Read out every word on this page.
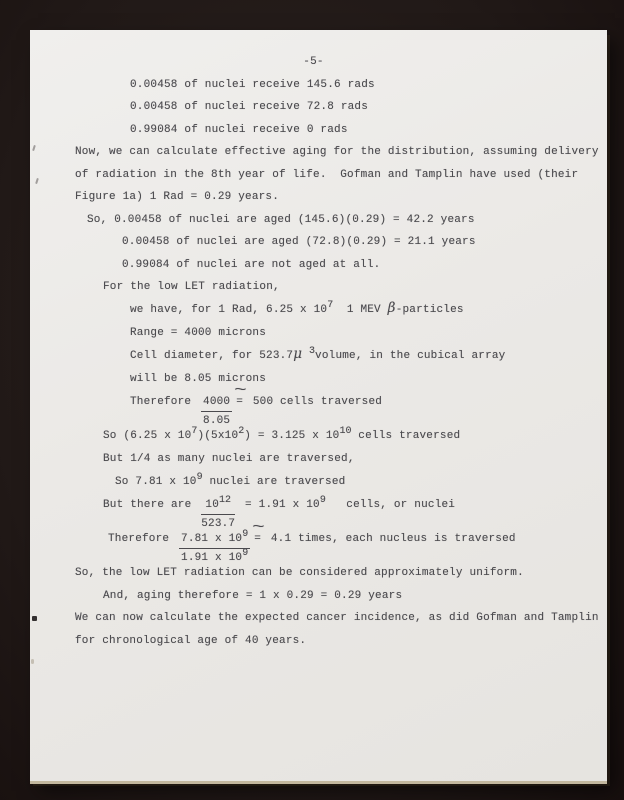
-5-
0.00458 of nuclei receive 145.6 rads
0.00458 of nuclei receive 72.8 rads
0.99084 of nuclei receive 0 rads
Now, we can calculate effective aging for the distribution, assuming delivery
of radiation in the 8th year of life.  Gofman and Tamplin have used (their
Figure 1a) 1 Rad = 0.29 years.
So, 0.00458 of nuclei are aged (145.6)(0.29) = 42.2 years
0.00458 of nuclei are aged (72.8)(0.29) = 21.1 years
0.99084 of nuclei are not aged at all.
For the low LET radiation,
we have, for 1 Rad, 6.25 x 107  1 MEV β-particles
Range = 4000 microns
Cell diameter, for 523.7μ 3volume, in the cubical array
will be 8.05 microns
Therefore $\frac{4000}{8.05}$ ~ = 500 cells traversed
So (6.25 x 107)(5x102) = 3.125 x 1010 cells traversed
But 1/4 as many nuclei are traversed,
So 7.81 x 109 nuclei are traversed
But there are $\frac{1012}{523.7} = 1.91$ x 109   cells, or nuclei
Therefore $\frac{7.81 x 109}{1.91 x 109}$ ~ = 4.1 times, each nucleus is traversed
So, the low LET radiation can be considered approximately uniform.
And, aging therefore = 1 x 0.29 = 0.29 years
We can now calculate the expected cancer incidence, as did Gofman and Tamplin
for chronological age of 40 years.
